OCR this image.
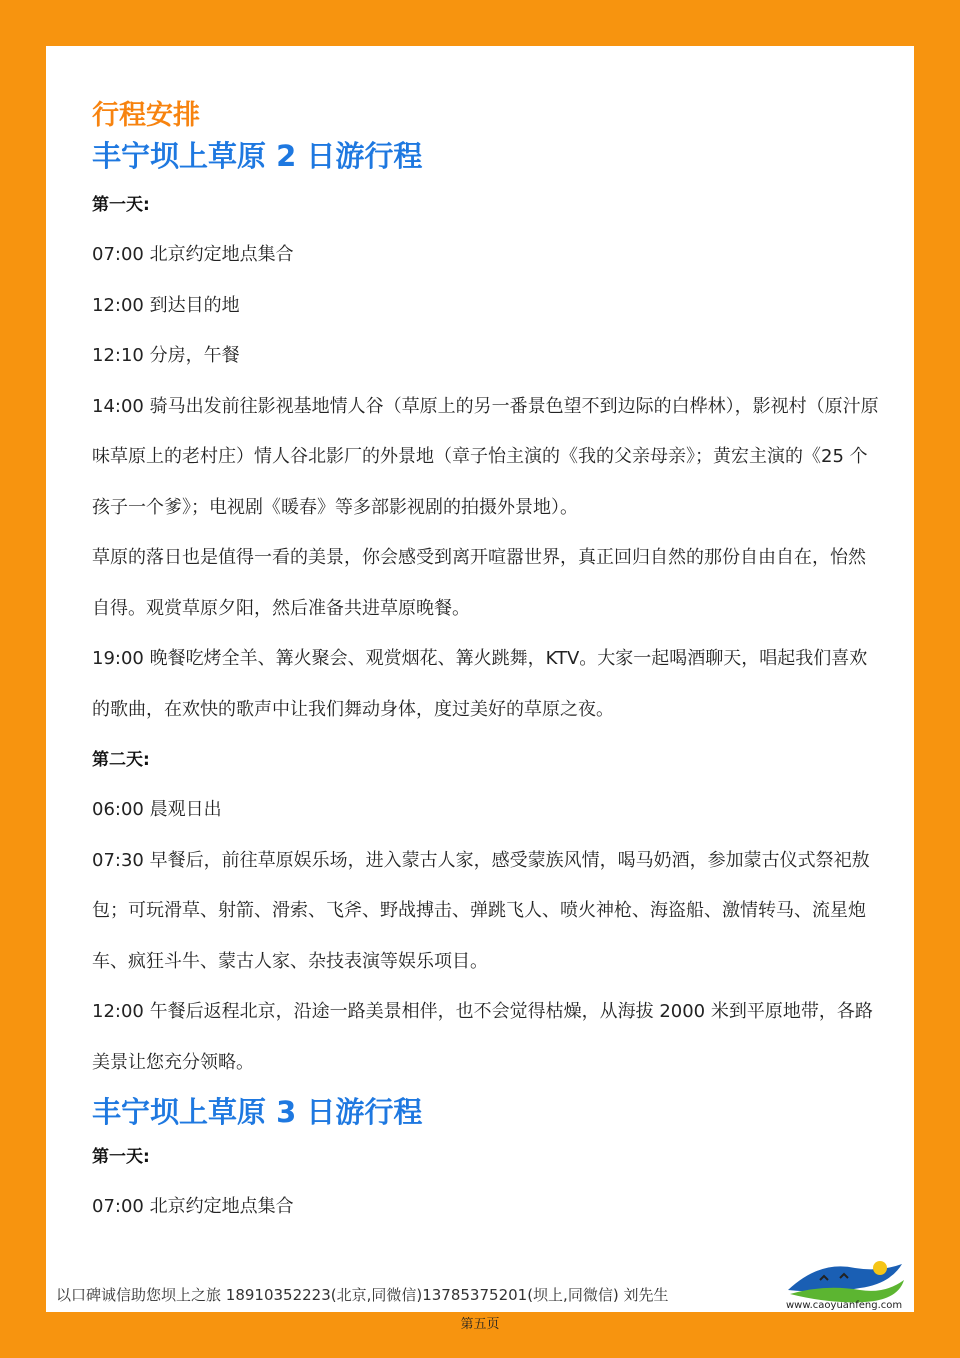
行程安排
丰宁坝上草原 2 日游行程

第一天:

07:00 北京约定地点集合

12:00 到达目的地

12:10 分房，午餐

14:00 骑马出发前往影视基地情人谷（草原上的另一番景色望不到边际的白桦林），影视村（原汁原味草原上的老村庄）情人谷北影厂的外景地（章子怡主演的《我的父亲母亲》；黄宏主演的《25 个孩子一个爹》；电视剧《暖春》等多部影视剧的拍摄外景地）。

草原的落日也是值得一看的美景，你会感受到离开喧嚣世界，真正回归自然的那份自由自在，怡然自得。观赏草原夕阳，然后准备共进草原晚餐。

19:00 晚餐吃烤全羊、篝火聚会、观赏烟花、篝火跳舞，KTV。大家一起喝酒聊天，唱起我们喜欢的歌曲，在欢快的歌声中让我们舞动身体，度过美好的草原之夜。

第二天:

06:00 晨观日出

07:30 早餐后，前往草原娱乐场，进入蒙古人家，感受蒙族风情，喝马奶酒，参加蒙古仪式祭祀敖包；可玩滑草、射箭、滑索、飞斧、野战搏击、弹跳飞人、喷火神枪、海盗船、激情转马、流星炮车、疯狂斗牛、蒙古人家、杂技表演等娱乐项目。

12:00 午餐后返程北京，沿途一路美景相伴，也不会觉得枯燥，从海拔 2000 米到平原地带，各路美景让您充分领略。

丰宁坝上草原 3 日游行程

第一天:

07:00 北京约定地点集合

以口碑诚信助您坝上之旅 18910352223(北京,同微信)13785375201(坝上,同微信) 刘先生
www.caoyuanfeng.com
第五页
